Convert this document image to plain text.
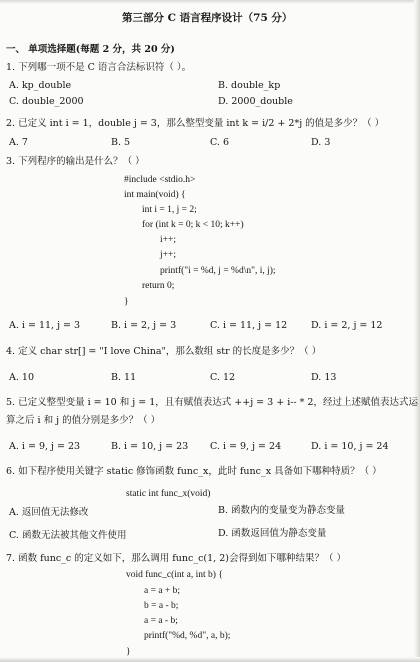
第三部分 C 语言程序设计（75 分）
一、 单项选择题(每题 2 分，共 20 分)
1. 下列哪一项不是 C 语言合法标识符（ ）。
A. kp_double	B. double_kp
C. double_2000	D. 2000_double
2. 已定义 int i = 1，double j = 3，那么整型变量 int k = i/2 + 2*j 的值是多少？（ ）
A. 7	B. 5	C. 6	D. 3
3. 下列程序的输出是什么？（ ）
#include <stdio.h>
int main(void) {
int i = 1, j = 2;
for (int k = 0; k < 10; k++)
i++;
j++;
printf("i = %d, j = %d\n", i, j);
return 0;
}
A. i = 11, j = 3	B. i = 2, j = 3	C. i = 11, j = 12	D. i = 2, j = 12
4. 定义 char str[] = "I love China"，那么数组 str 的长度是多少？（ ）
A. 10	B. 11	C. 12	D. 13
5. 已定义整型变量 i = 10 和 j = 1，且有赋值表达式 ++j = 3 + i-- * 2，经过上述赋值表达式运
算之后 i 和 j 的值分别是多少？（ ）
A. i = 9, j = 23	B. i = 10, j = 23 C. i = 9, j = 24	D. i = 10, j = 24
6. 如下程序使用关键字 static 修饰函数 func_x，此时 func_x 具备如下哪种特质？（ ）
static int func_x(void)
A. 返回值无法修改	B. 函数内的变量变为静态变量
C. 函数无法被其他文件使用	D. 函数返回值为静态变量
7. 函数 func_c 的定义如下，那么调用 func_c(1, 2)会得到如下哪种结果？（ ）
void func_c(int a, int b) {
a = a + b;
b = a - b;
a = a - b;
printf("%d, %d", a, b);
}
